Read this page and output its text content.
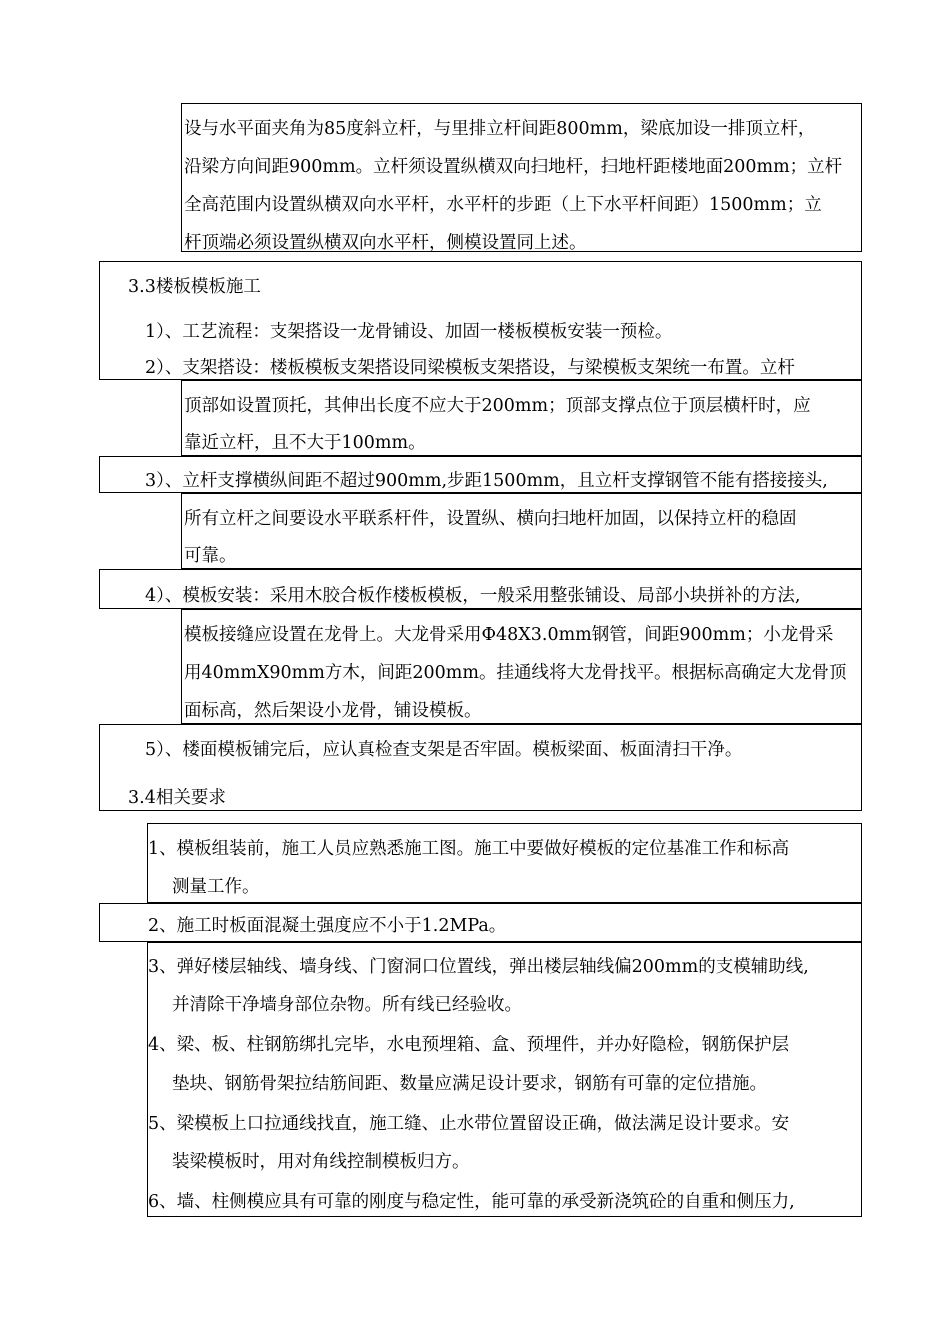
设与水平面夹角为85度斜立杆，与里排立杆间距800mm，梁底加设一排顶立杆，
沿梁方向间距900mm。立杆须设置纵横双向扫地杆，扫地杆距楼地面200mm；立杆
全高范围内设置纵横双向水平杆，水平杆的步距（上下水平杆间距）1500mm；立
杆顶端必须设置纵横双向水平杆，侧模设置同上述。
3.3楼板模板施工
1）、工艺流程：支架搭设一龙骨铺设、加固一楼板模板安装一预检。
2）、支架搭设：楼板模板支架搭设同梁模板支架搭设，与梁模板支架统一布置。立杆
顶部如设置顶托，其伸出长度不应大于200mm；顶部支撑点位于顶层横杆时，应
靠近立杆，且不大于100mm。
3）、立杆支撑横纵间距不超过900mm,步距1500mm，且立杆支撑钢管不能有搭接接头,
所有立杆之间要设水平联系杆件，设置纵、横向扫地杆加固，以保持立杆的稳固
可靠。
4）、模板安装：采用木胶合板作楼板模板，一般采用整张铺设、局部小块拼补的方法,
模板接缝应设置在龙骨上。大龙骨采用Ф48X3.0mm钢管，间距900mm；小龙骨采
用40mmX90mm方木，间距200mm。挂通线将大龙骨找平。根据标高确定大龙骨顶
面标高，然后架设小龙骨，铺设模板。
5）、楼面模板铺完后，应认真检查支架是否牢固。模板梁面、板面清扫干净。
3.4相关要求
1、模板组装前，施工人员应熟悉施工图。施工中要做好模板的定位基准工作和标高
测量工作。
2、施工时板面混凝土强度应不小于1.2MPa。
3、弹好楼层轴线、墙身线、门窗洞口位置线，弹出楼层轴线偏200mm的支模辅助线,
并清除干净墙身部位杂物。所有线已经验收。
4、梁、板、柱钢筋绑扎完毕，水电预埋箱、盒、预埋件，并办好隐检，钢筋保护层
垫块、钢筋骨架拉结筋间距、数量应满足设计要求，钢筋有可靠的定位措施。
5、梁模板上口拉通线找直，施工缝、止水带位置留设正确，做法满足设计要求。安
装梁模板时，用对角线控制模板归方。
6、墙、柱侧模应具有可靠的刚度与稳定性，能可靠的承受新浇筑砼的自重和侧压力,
